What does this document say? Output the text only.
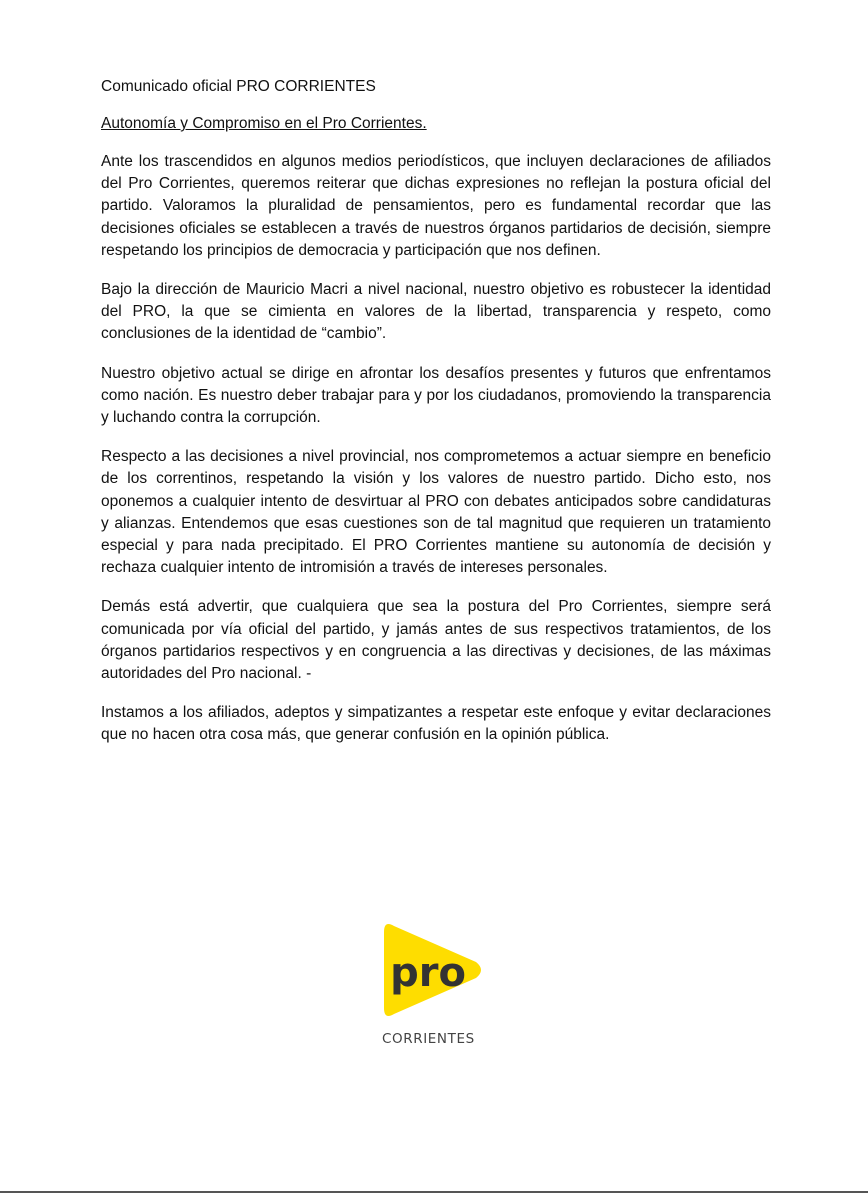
Comunicado oficial PRO CORRIENTES

Autonomía y Compromiso en el Pro Corrientes.

Ante los trascendidos en algunos medios periodísticos, que incluyen declaraciones de afiliados del Pro Corrientes, queremos reiterar que dichas expresiones no reflejan la postura oficial del partido. Valoramos la pluralidad de pensamientos, pero es fundamental recordar que las decisiones oficiales se establecen a través de nuestros órganos partidarios de decisión, siempre respetando los principios de democracia y participación que nos definen.

Bajo la dirección de Mauricio Macri a nivel nacional, nuestro objetivo es robustecer la identidad del PRO, la que se cimienta en valores de la libertad, transparencia y respeto, como conclusiones de la identidad de “cambio”.

Nuestro objetivo actual se dirige en afrontar los desafíos presentes y futuros que enfrentamos como nación. Es nuestro deber trabajar para y por los ciudadanos, promoviendo la transparencia y luchando contra la corrupción.

Respecto a las decisiones a nivel provincial, nos comprometemos a actuar siempre en beneficio de los correntinos, respetando la visión y los valores de nuestro partido. Dicho esto, nos oponemos a cualquier intento de desvirtuar al PRO con debates anticipados sobre candidaturas y alianzas. Entendemos que esas cuestiones son de tal magnitud que requieren un tratamiento especial y para nada precipitado. El PRO Corrientes mantiene su autonomía de decisión y rechaza cualquier intento de intromisión a través de intereses personales.

Demás está advertir, que cualquiera que sea la postura del Pro Corrientes, siempre será comunicada por vía oficial del partido, y jamás antes de sus respectivos tratamientos, de los órganos partidarios respectivos y en congruencia a las directivas y decisiones, de las máximas autoridades del Pro nacional. -

Instamos a los afiliados, adeptos y simpatizantes a respetar este enfoque y evitar declaraciones que no hacen otra cosa más, que generar confusión en la opinión pública.

pro
CORRIENTES
